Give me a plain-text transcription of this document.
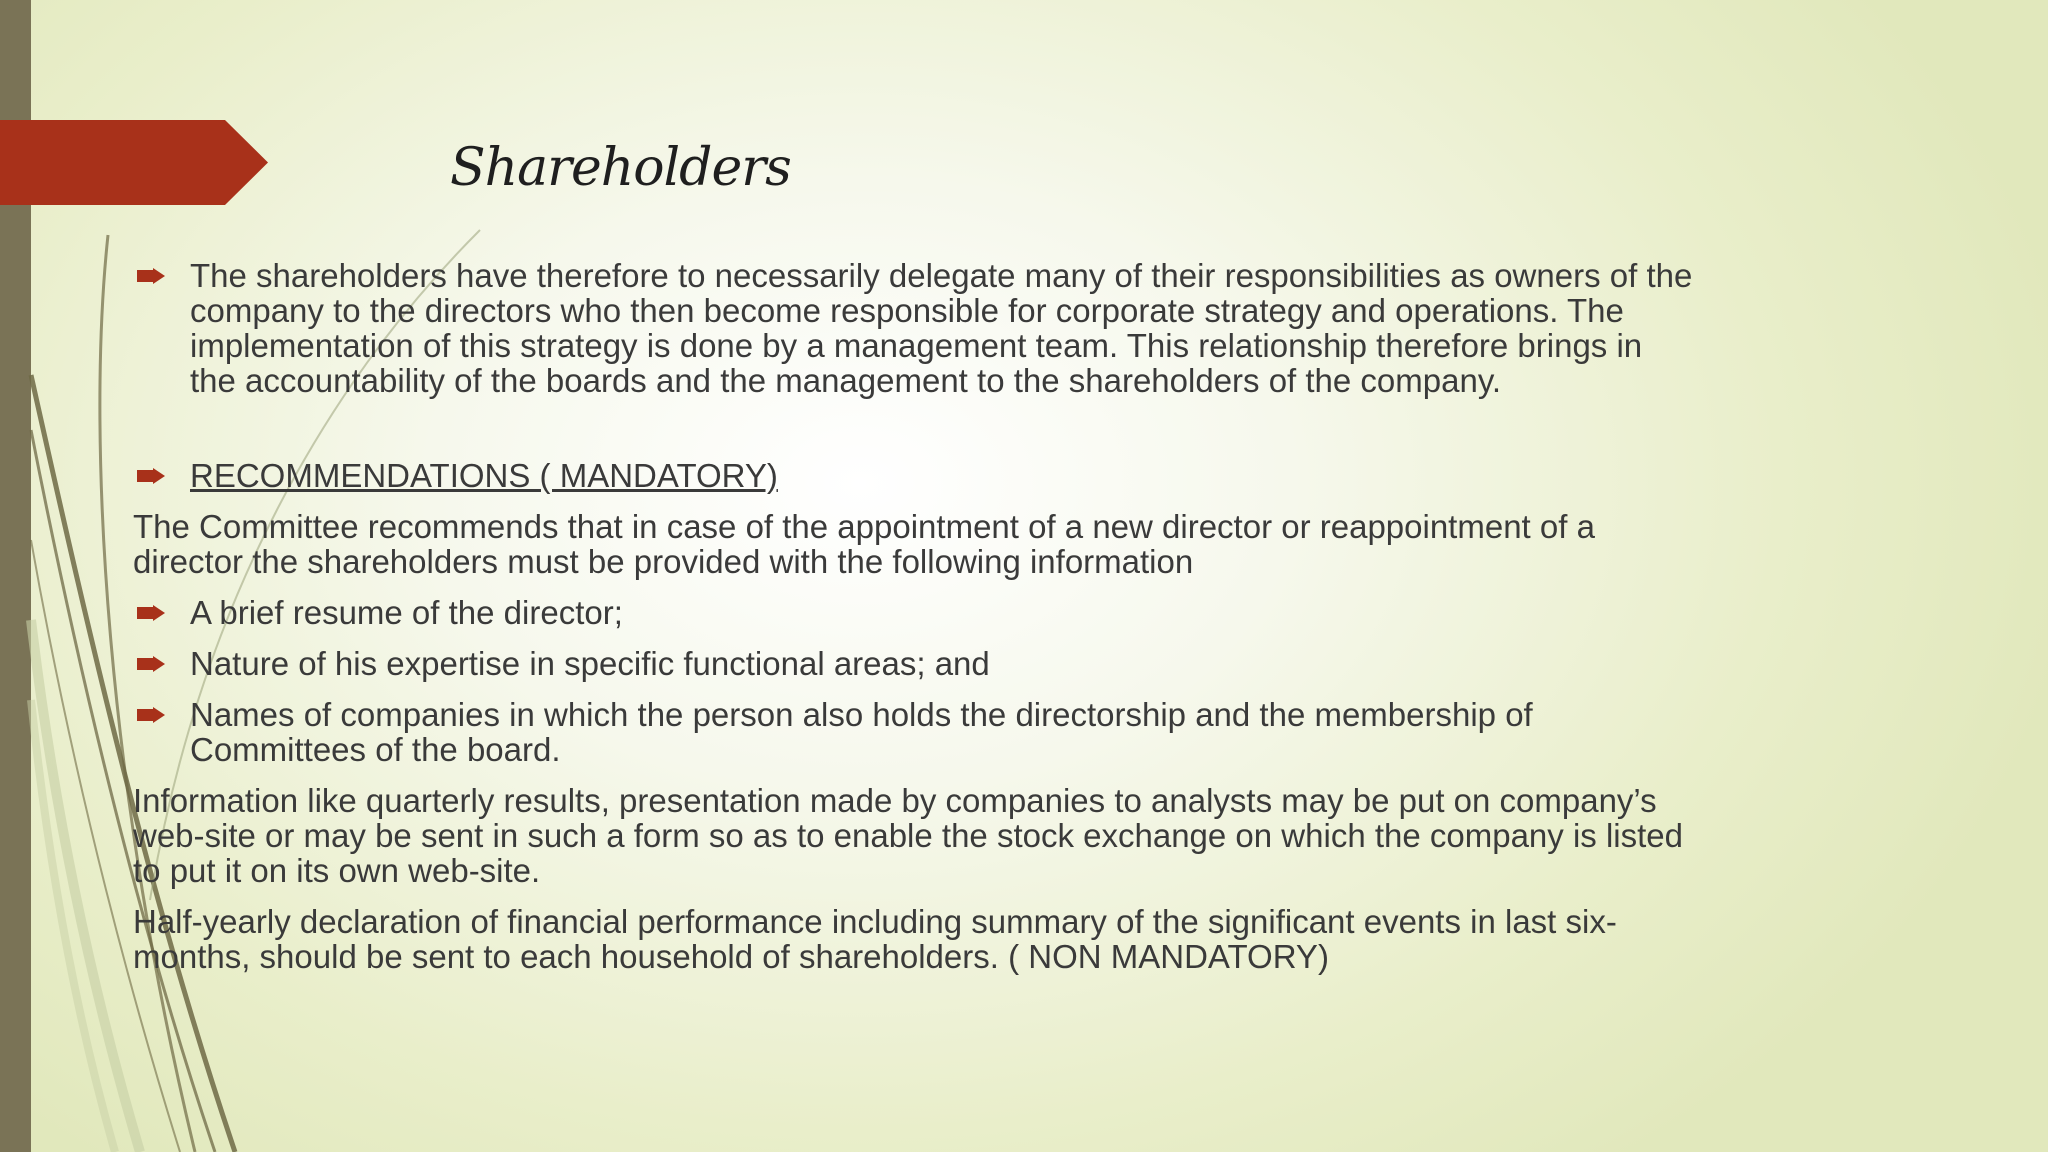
Shareholders
The shareholders have therefore to necessarily delegate many of their responsibilities as owners of the company to the directors who then become responsible for corporate strategy and operations. The implementation of this strategy is done by a management team. This relationship therefore brings in the accountability of the boards and the management to the shareholders of the company.
RECOMMENDATIONS ( MANDATORY)
The Committee recommends that in case of the appointment of a new director or reappointment of a director the shareholders must be provided with the following information
A brief resume of the director;
Nature of his expertise in specific functional areas; and
Names of companies in which the person also holds the directorship and the membership of Committees of the board.
Information like quarterly results, presentation made by companies to analysts may be put on company’s web-site or may be sent in such a form so as to enable the stock exchange on which the company is listed to put it on its own web-site.
Half-yearly declaration of financial performance including summary of the significant events in last six-months, should be sent to each household of shareholders. ( NON MANDATORY)
